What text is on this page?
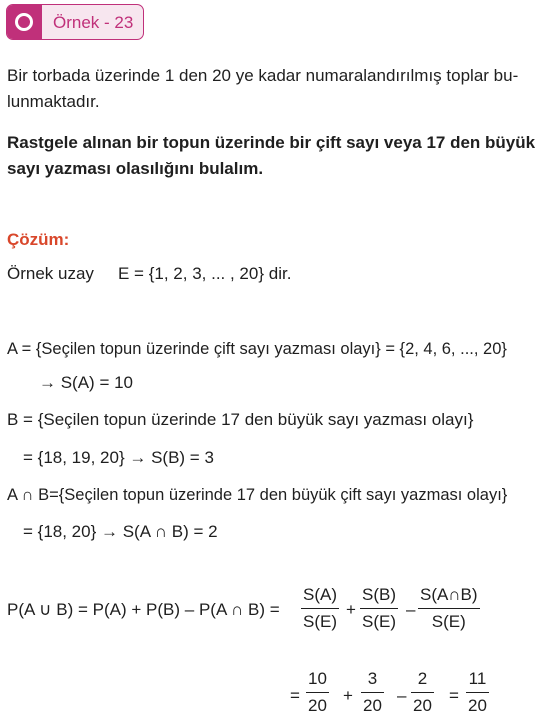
Örnek - 23
Bir torbada üzerinde 1 den 20 ye kadar numaralandırılmış toplar bu-
lunmaktadır.
Rastgele alınan bir topun üzerinde bir çift sayı veya 17 den büyük
sayı yazması olasılığını bulalım.
Çözüm:
Örnek uzay E = {1, 2, 3, ... , 20} dir.
A = {Seçilen topun üzerinde çift sayı yazması olayı} = {2, 4, 6, ..., 20}
→ S(A) = 10
B = {Seçilen topun üzerinde 17 den büyük sayı yazması olayı}
= {18, 19, 20} → S(B) = 3
A ∩ B={Seçilen topun üzerinde 17 den büyük çift sayı yazması olayı}
= {18, 20} → S(A ∩ B) = 2
P(A ∪ B) = P(A) + P(B) – P(A ∩ B) =
S(A)
S(E)
+
S(B)
S(E)
–
S(A∩B)
S(E)
=
10
20
+
3
20
–
2
20
=
11
20
